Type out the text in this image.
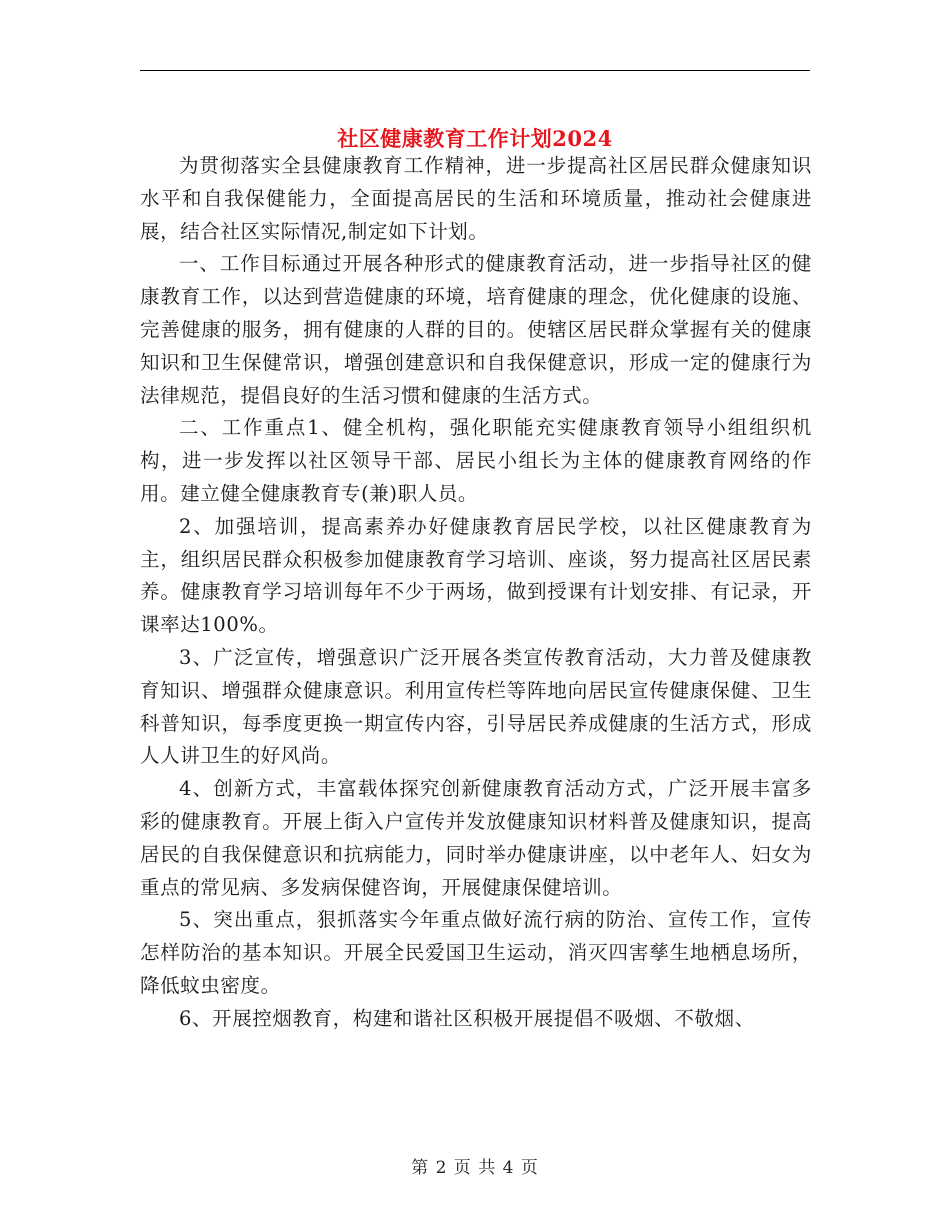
社区健康教育工作计划2024

为贯彻落实全县健康教育工作精神，进一步提高社区居民群众健康知识水平和自我保健能力，全面提高居民的生活和环境质量，推动社会健康进展，结合社区实际情况,制定如下计划。

一、工作目标通过开展各种形式的健康教育活动，进一步指导社区的健康教育工作，以达到营造健康的环境，培育健康的理念，优化健康的设施、完善健康的服务，拥有健康的人群的目的。使辖区居民群众掌握有关的健康知识和卫生保健常识，增强创建意识和自我保健意识，形成一定的健康行为法律规范，提倡良好的生活习惯和健康的生活方式。

二、工作重点1、健全机构，强化职能充实健康教育领导小组组织机构，进一步发挥以社区领导干部、居民小组长为主体的健康教育网络的作用。建立健全健康教育专(兼)职人员。

2、加强培训，提高素养办好健康教育居民学校，以社区健康教育为主，组织居民群众积极参加健康教育学习培训、座谈，努力提高社区居民素养。健康教育学习培训每年不少于两场，做到授课有计划安排、有记录，开课率达100%。

3、广泛宣传，增强意识广泛开展各类宣传教育活动，大力普及健康教育知识、增强群众健康意识。利用宣传栏等阵地向居民宣传健康保健、卫生科普知识，每季度更换一期宣传内容，引导居民养成健康的生活方式，形成人人讲卫生的好风尚。

4、创新方式，丰富载体探究创新健康教育活动方式，广泛开展丰富多彩的健康教育。开展上街入户宣传并发放健康知识材料普及健康知识，提高居民的自我保健意识和抗病能力，同时举办健康讲座，以中老年人、妇女为重点的常见病、多发病保健咨询，开展健康保健培训。

5、突出重点，狠抓落实今年重点做好流行病的防治、宣传工作，宣传怎样防治的基本知识。开展全民爱国卫生运动，消灭四害孳生地栖息场所，降低蚊虫密度。

6、开展控烟教育，构建和谐社区积极开展提倡不吸烟、不敬烟、

第 2 页 共 4 页
